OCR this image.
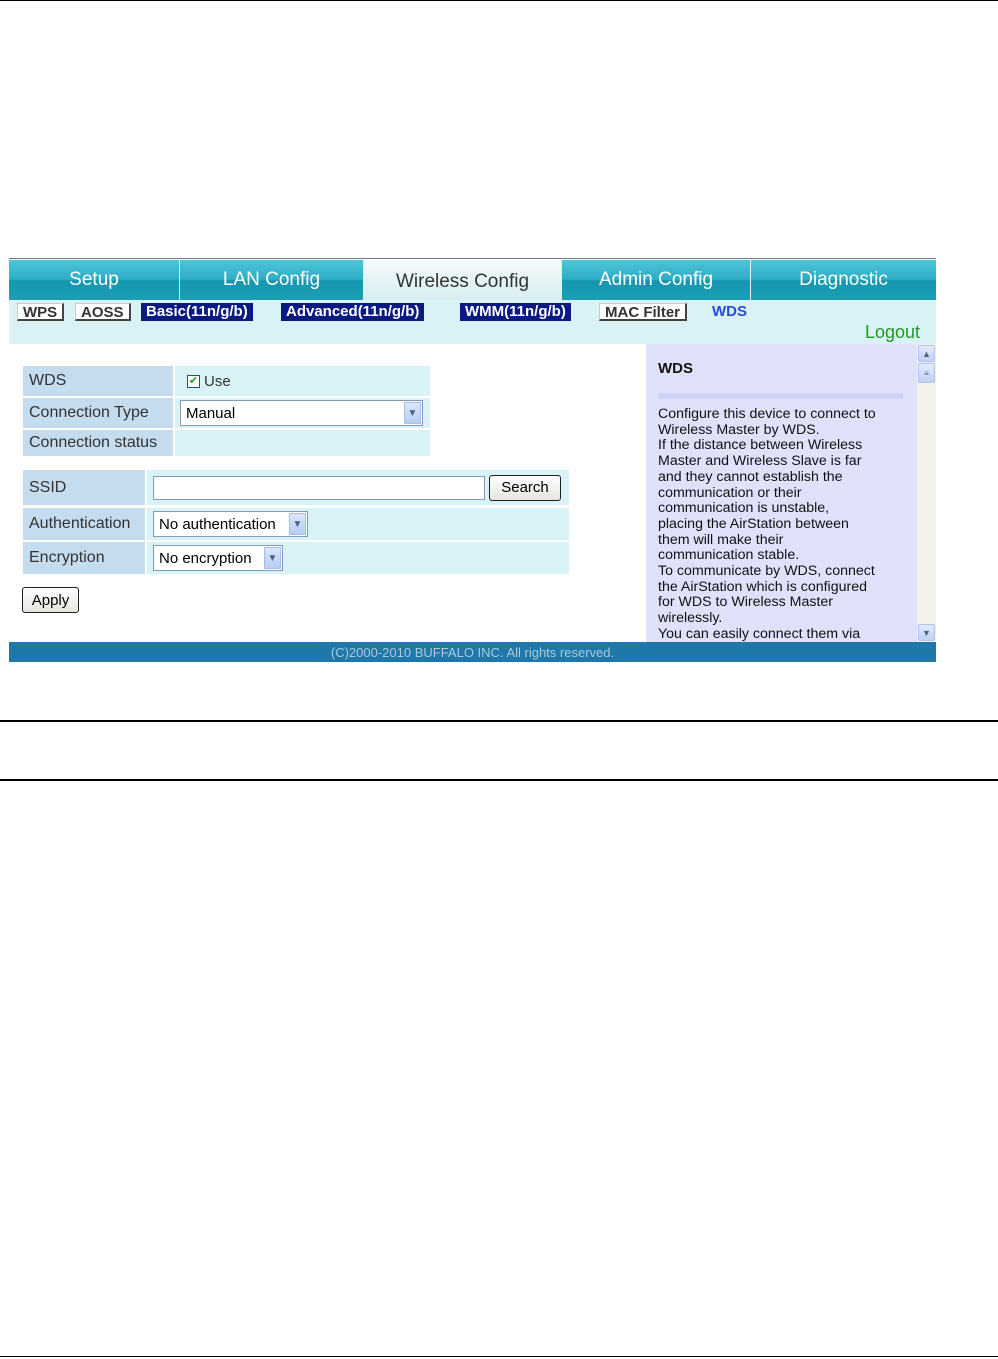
Setup	LAN Config	Wireless Config	Admin Config	Diagnostic
WPS	AOSS	Basic(11n/g/b)	Advanced(11n/g/b)	WMM(11n/g/b)	MAC Filter	WDS
Logout
WDS	✔ Use
Connection Type	Manual	▼
Connection status
SSID	Search
Authentication	No authentication	▼
Encryption	No encryption	▼
Apply
WDS
Configure this device to connect to
Wireless Master by WDS.
If the distance between Wireless
Master and Wireless Slave is far
and they cannot establish the
communication or their
communication is unstable,
placing the AirStation between
them will make their
communication stable.
To communicate by WDS, connect
the AirStation which is configured
for WDS to Wireless Master
wirelessly.
You can easily connect them via
▲
≡
▼
(C)2000-2010 BUFFALO INC. All rights reserved.
